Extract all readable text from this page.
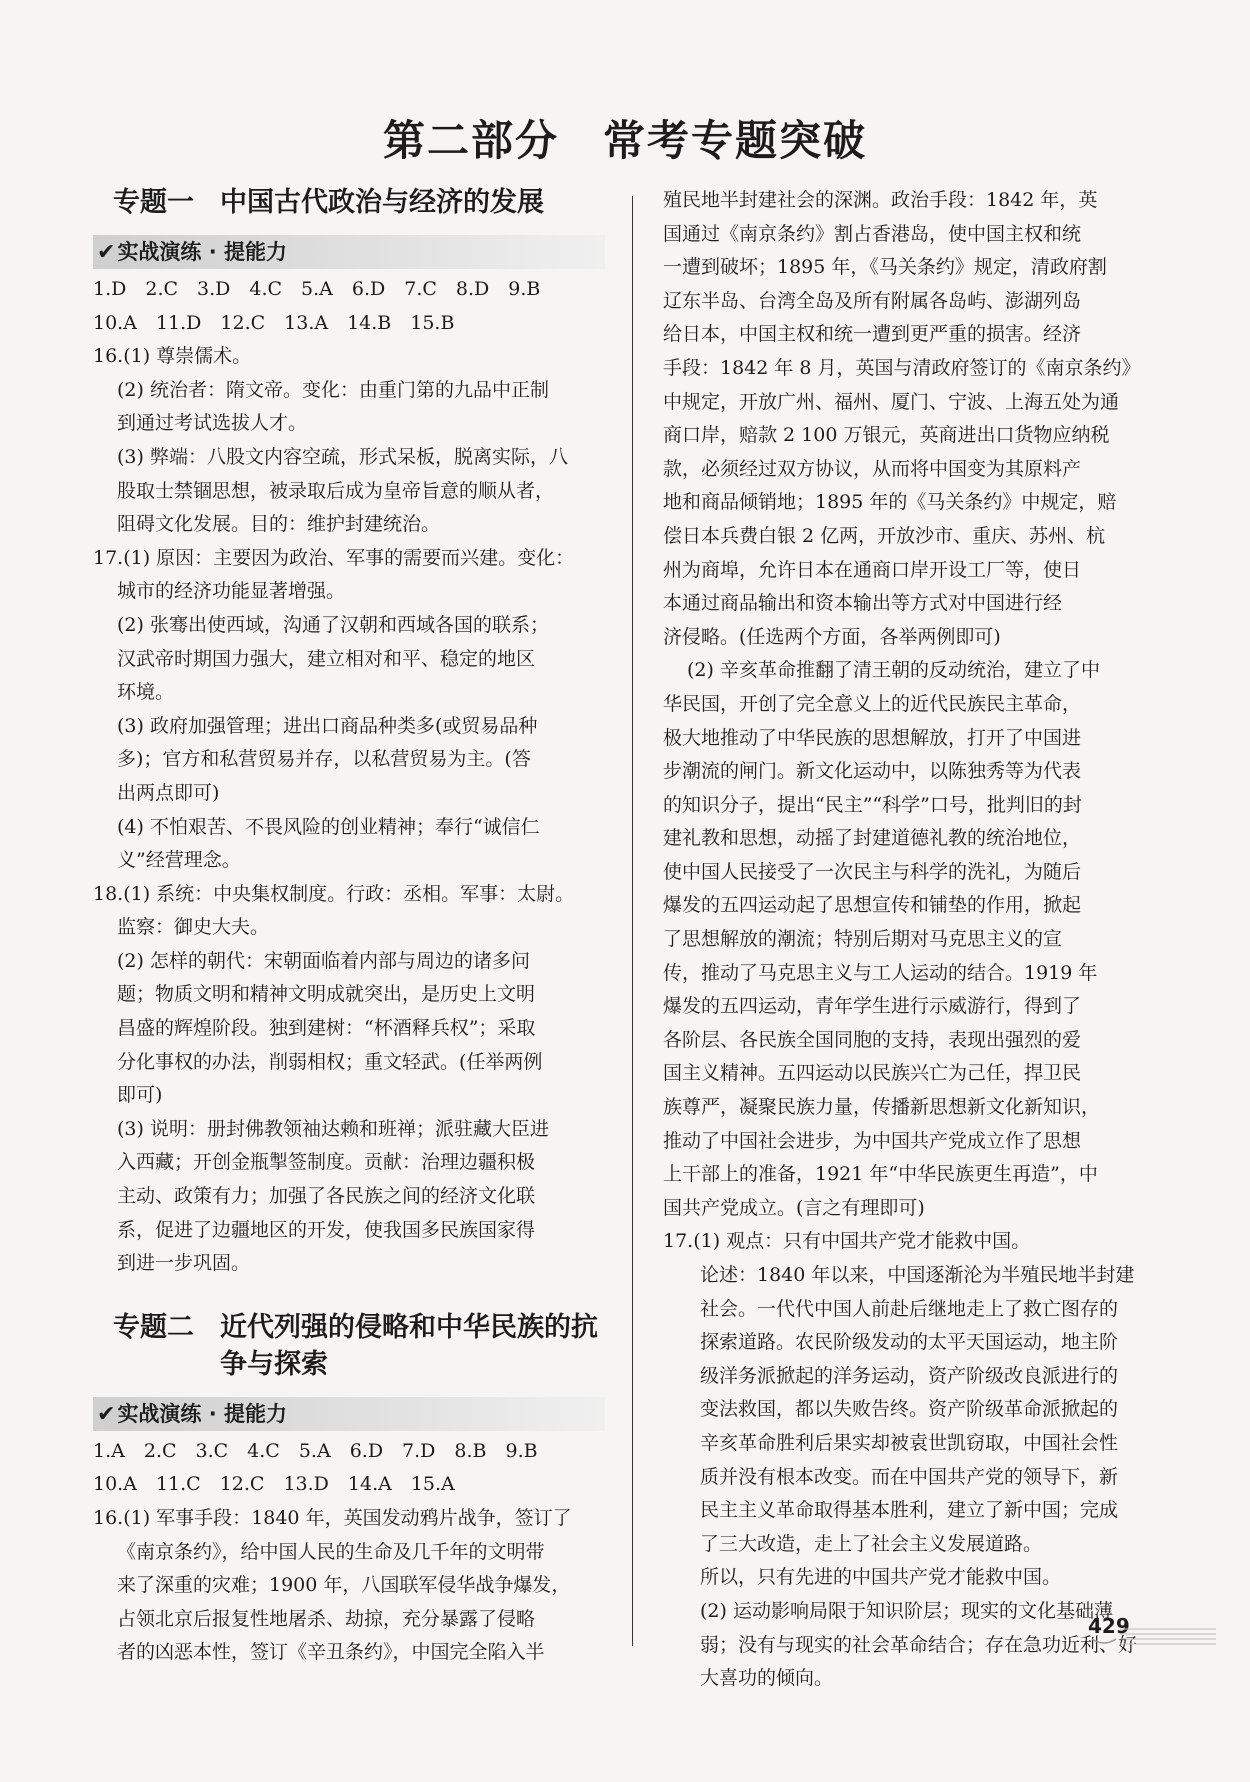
第二部分　常考专题突破
专题一 中国古代政治与经济的发展
✔实战演练 · 提能力
1.D　2.C　3.D　4.C　5.A　6.D　7.C　8.D　9.B
10.A　11.D　12.C　13.A　14.B　15.B
16.(1) 尊崇儒术。
(2) 统治者：隋文帝。变化：由重门第的九品中正制
到通过考试选拔人才。
(3) 弊端：八股文内容空疏，形式呆板，脱离实际，八
股取士禁锢思想，被录取后成为皇帝旨意的顺从者，
阻碍文化发展。目的：维护封建统治。
17.(1) 原因：主要因为政治、军事的需要而兴建。变化：
城市的经济功能显著增强。
(2) 张骞出使西域，沟通了汉朝和西域各国的联系；
汉武帝时期国力强大，建立相对和平、稳定的地区
环境。
(3) 政府加强管理；进出口商品种类多(或贸易品种
多)；官方和私营贸易并存，以私营贸易为主。(答
出两点即可)
(4) 不怕艰苦、不畏风险的创业精神；奉行“诚信仁
义”经营理念。
18.(1) 系统：中央集权制度。行政：丞相。军事：太尉。
监察：御史大夫。
(2) 怎样的朝代：宋朝面临着内部与周边的诸多问
题；物质文明和精神文明成就突出，是历史上文明
昌盛的辉煌阶段。独到建树：“杯酒释兵权”；采取
分化事权的办法，削弱相权；重文轻武。(任举两例
即可)
(3) 说明：册封佛教领袖达赖和班禅；派驻藏大臣进
入西藏；开创金瓶掣签制度。贡献：治理边疆积极
主动、政策有力；加强了各民族之间的经济文化联
系，促进了边疆地区的开发，使我国多民族国家得
到进一步巩固。
专题二 近代列强的侵略和中华民族的抗争与探索
✔实战演练 · 提能力
1.A　2.C　3.C　4.C　5.A　6.D　7.D　8.B　9.B
10.A　11.C　12.C　13.D　14.A　15.A
16.(1) 军事手段：1840 年，英国发动鸦片战争，签订了
《南京条约》，给中国人民的生命及几千年的文明带
来了深重的灾难；1900 年，八国联军侵华战争爆发，
占领北京后报复性地屠杀、劫掠，充分暴露了侵略
者的凶恶本性，签订《辛丑条约》，中国完全陷入半
殖民地半封建社会的深渊。政治手段：1842 年，英
国通过《南京条约》割占香港岛，使中国主权和统
一遭到破坏；1895 年，《马关条约》规定，清政府割
辽东半岛、台湾全岛及所有附属各岛屿、澎湖列岛
给日本，中国主权和统一遭到更严重的损害。经济
手段：1842 年 8 月，英国与清政府签订的《南京条约》
中规定，开放广州、福州、厦门、宁波、上海五处为通
商口岸，赔款 2 100 万银元，英商进出口货物应纳税
款，必须经过双方协议，从而将中国变为其原料产
地和商品倾销地；1895 年的《马关条约》中规定，赔
偿日本兵费白银 2 亿两，开放沙市、重庆、苏州、杭
州为商埠，允许日本在通商口岸开设工厂等，使日
本通过商品输出和资本输出等方式对中国进行经
济侵略。(任选两个方面，各举两例即可)
(2) 辛亥革命推翻了清王朝的反动统治，建立了中
华民国，开创了完全意义上的近代民族民主革命，
极大地推动了中华民族的思想解放，打开了中国进
步潮流的闸门。新文化运动中，以陈独秀等为代表
的知识分子，提出“民主”“科学”口号，批判旧的封
建礼教和思想，动摇了封建道德礼教的统治地位，
使中国人民接受了一次民主与科学的洗礼，为随后
爆发的五四运动起了思想宣传和铺垫的作用，掀起
了思想解放的潮流；特别后期对马克思主义的宣
传，推动了马克思主义与工人运动的结合。1919 年
爆发的五四运动，青年学生进行示威游行，得到了
各阶层、各民族全国同胞的支持，表现出强烈的爱
国主义精神。五四运动以民族兴亡为己任，捍卫民
族尊严，凝聚民族力量，传播新思想新文化新知识，
推动了中国社会进步，为中国共产党成立作了思想
上干部上的准备，1921 年“中华民族更生再造”，中
国共产党成立。(言之有理即可)
17.(1) 观点：只有中国共产党才能救中国。
论述：1840 年以来，中国逐渐沦为半殖民地半封建
社会。一代代中国人前赴后继地走上了救亡图存的
探索道路。农民阶级发动的太平天国运动，地主阶
级洋务派掀起的洋务运动，资产阶级改良派进行的
变法救国，都以失败告终。资产阶级革命派掀起的
辛亥革命胜利后果实却被袁世凯窃取，中国社会性
质并没有根本改变。而在中国共产党的领导下，新
民主主义革命取得基本胜利，建立了新中国；完成
了三大改造，走上了社会主义发展道路。
所以，只有先进的中国共产党才能救中国。
(2) 运动影响局限于知识阶层；现实的文化基础薄
弱；没有与现实的社会革命结合；存在急功近利、好
大喜功的倾向。
429
